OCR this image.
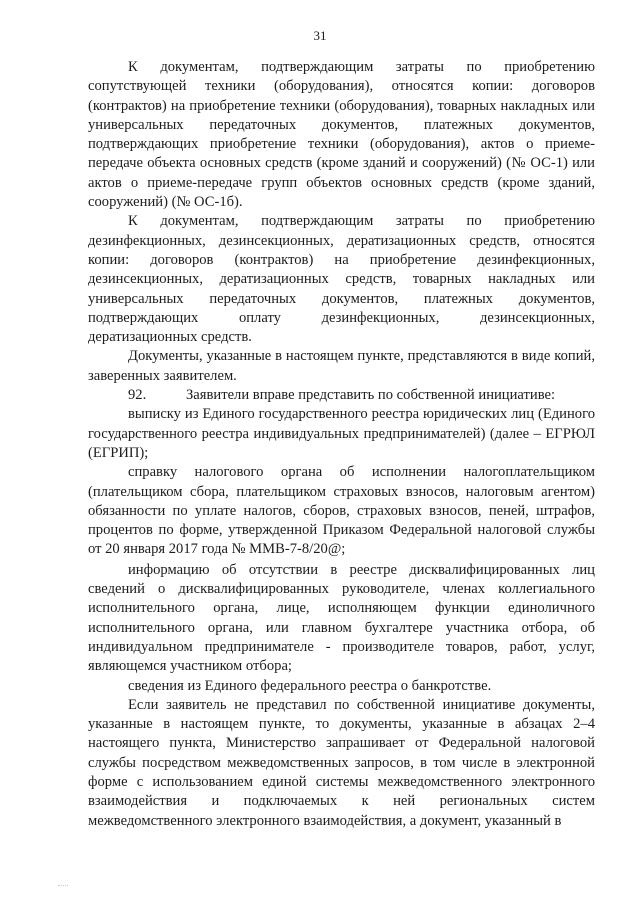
31

К документам, подтверждающим затраты по приобретению сопутствующей техники (оборудования), относятся копии: договоров (контрактов) на приобретение техники (оборудования), товарных накладных или универсальных передаточных документов, платежных документов, подтверждающих приобретение техники (оборудования), актов о приеме-передаче объекта основных средств (кроме зданий и сооружений) (№ ОС-1) или актов о приеме-передаче групп объектов основных средств (кроме зданий, сооружений) (№ ОС-1б).

К документам, подтверждающим затраты по приобретению дезинфекционных, дезинсекционных, дератизационных средств, относятся копии: договоров (контрактов) на приобретение дезинфекционных, дезинсекционных, дератизационных средств, товарных накладных или универсальных передаточных документов, платежных документов, подтверждающих оплату дезинфекционных, дезинсекционных, дератизационных средств.

Документы, указанные в настоящем пункте, представляются в виде копий, заверенных заявителем.

92.	Заявители вправе представить по собственной инициативе:

выписку из Единого государственного реестра юридических лиц (Единого государственного реестра индивидуальных предпринимателей) (далее – ЕГРЮЛ (ЕГРИП);

справку налогового органа об исполнении налогоплательщиком (плательщиком сбора, плательщиком страховых взносов, налоговым агентом) обязанности по уплате налогов, сборов, страховых взносов, пеней, штрафов, процентов по форме, утвержденной Приказом Федеральной налоговой службы от 20 января 2017 года № ММВ-7-8/20@;

информацию об отсутствии в реестре дисквалифицированных лиц сведений о дисквалифицированных руководителе, членах коллегиального исполнительного органа, лице, исполняющем функции единоличного исполнительного органа, или главном бухгалтере участника отбора, об индивидуальном предпринимателе - производителе товаров, работ, услуг, являющемся участником отбора;

сведения из Единого федерального реестра о банкротстве.

Если заявитель не представил по собственной инициативе документы, указанные в настоящем пункте, то документы, указанные в абзацах 2–4 настоящего пункта, Министерство запрашивает от Федеральной налоговой службы посредством межведомственных запросов, в том числе в электронной форме с использованием единой системы межведомственного электронного взаимодействия и подключаемых к ней региональных систем межведомственного электронного взаимодействия, а документ, указанный в
